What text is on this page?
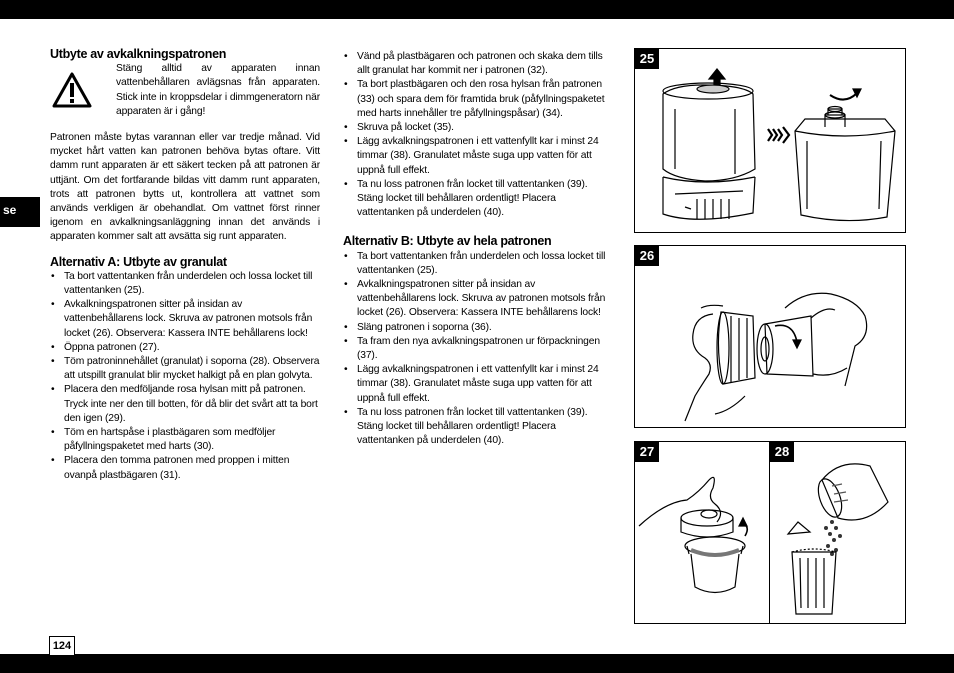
se
124
Utbyte av avkalkningspatronen

Stäng alltid av apparaten innan vattenbehållaren avlägsnas från apparaten. Stick inte in kroppsdelar i dimmgeneratorn när apparaten är i gång!

Patronen måste bytas varannan eller var tredje månad. Vid mycket hårt vatten kan patronen behöva bytas oftare. Vitt damm runt apparaten är ett säkert tecken på att patronen är uttjänt. Om det fortfarande bildas vitt damm runt apparaten, trots att patronen bytts ut, kontrollera att vattnet som används verkligen är obehandlat. Om vattnet först rinner igenom en avkalkningsanläggning innan det används i apparaten kommer salt att avsätta sig runt apparaten.

Alternativ A: Utbyte av granulat
• Ta bort vattentanken från underdelen och lossa locket till vattentanken (25).
• Avkalkningspatronen sitter på insidan av vattenbehållarens lock. Skruva av patronen motsols från locket (26). Observera: Kassera INTE behållarens lock!
• Öppna patronen (27).
• Töm patroninnehållet (granulat) i soporna (28). Observera att utspillt granulat blir mycket halkigt på en plan golvyta.
• Placera den medföljande rosa hylsan mitt på patronen. Tryck inte ner den till botten, för då blir det svårt att ta bort den igen (29).
• Töm en hartspåse i plastbägaren som medföljer påfyllningspaketet med harts (30).
• Placera den tomma patronen med proppen i mitten ovanpå plastbägaren (31).
• Vänd på plastbägaren och patronen och skaka dem tills allt granulat har kommit ner i patronen (32).
• Ta bort plastbägaren och den rosa hylsan från patronen (33) och spara dem för framtida bruk (påfyllningspaketet med harts innehåller tre påfyllningspåsar) (34).
• Skruva på locket (35).
• Lägg avkalkningspatronen i ett vattenfyllt kar i minst 24 timmar (38). Granulatet måste suga upp vatten för att uppnå full effekt.
• Ta nu loss patronen från locket till vattentanken (39). Stäng locket till behållaren ordentligt! Placera vattentanken på underdelen (40).
Alternativ B: Utbyte av hela patronen
• Ta bort vattentanken från underdelen och lossa locket till vattentanken (25).
• Avkalkningspatronen sitter på insidan av vattenbehållarens lock. Skruva av patronen motsols från locket (26). Observera: Kassera INTE behållarens lock!
• Släng patronen i soporna (36).
• Ta fram den nya avkalkningspatronen ur förpackningen (37).
• Lägg avkalkningspatronen i ett vattenfyllt kar i minst 24 timmar (38). Granulatet måste suga upp vatten för att uppnå full effekt.
• Ta nu loss patronen från locket till vattentanken (39). Stäng locket till behållaren ordentligt! Placera vattentanken på underdelen (40).
25
26
27	28
